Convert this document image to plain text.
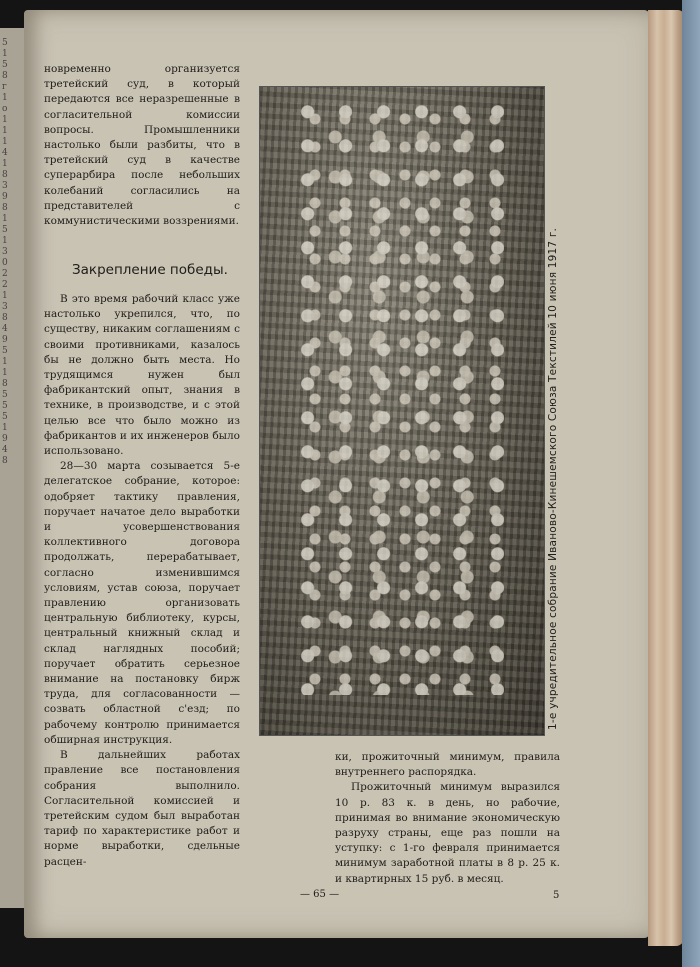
5
1
5
8
г
1
о
1
1
1
4
1
8
3
9
8
1
5
1
3
0
2
2
1
3
8
4
9
5
1
1
8
5
5
5
1
9
4
8

новременно организуется третейский суд, в который передаются все неразрешенные в согласительной комиссии вопросы. Промышленники настолько были разбиты, что в третейский суд в качестве суперарбира после небольших колебаний согласились на представителей с коммунистическими воззрениями.

Закрепление победы.

В это время рабочий класс уже настолько укрепился, что, по существу, никаким соглашениям с своими противниками, казалось бы не должно быть места. Но трудящимся нужен был фабрикантский опыт, знания в технике, в производстве, и с этой целью все что было можно из фабрикантов и их инженеров было использовано.

28—30 марта созывается 5-е делегатское собрание, которое: одобряет тактику правления, поручает начатое дело выработки и усовершенствования коллективного договора продолжать, перерабатывает, согласно изменившимся условиям, устав союза, поручает правлению организовать центральную библиотеку, курсы, центральный книжный склад и склад наглядных пособий; поручает обратить серьезное внимание на постановку бирж труда, для согласованности — созвать областной с'езд; по рабочему контролю принимается обширная инструкция.

В дальнейших работах правление все постановления собрания выполнило. Согласительной комиссией и третейским судом был выработан тариф по характеристике работ и норме выработки, сдельные расцен-

1-е учредительное собрание Иваново-Кинешемского Союза Текстилей 10 июня 1917 г.

ки, прожиточный минимум, правила внутреннего распорядка.

Прожиточный минимум выразился 10 р. 83 к. в день, но рабочие, принимая во внимание экономическую разруху страны, еще раз пошли на уступку: с 1-го февраля принимается минимум заработной платы в 8 р. 25 к. и квартирных 15 руб. в месяц.

— 65 —	5
